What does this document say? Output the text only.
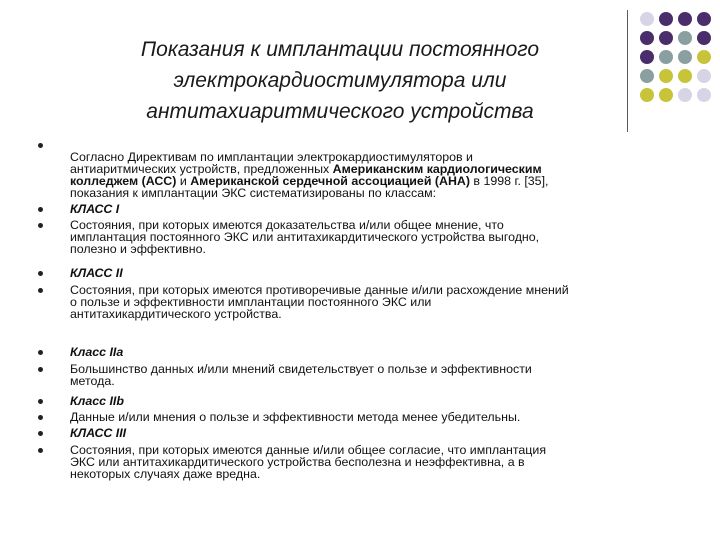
Показания к имплантации постоянного
электрокардиостимулятора или
антитахиаритмического устройства

Согласно Директивам по имплантации электрокардиостимуляторов и
антиаритмических устройств, предложенных Американским кардиологическим
колледжем (АСС) и Американской сердечной ассоциацией (АНА) в 1998 г. [35],
показания к имплантации ЭКС систематизированы по классам:

КЛАСС I
Состояния, при которых имеются доказательства и/или общее мнение, что
имплантация постоянного ЭКС или антитахикардитического устройства выгодно,
полезно и эффективно.
КЛАСС II
Состояния, при которых имеются противоречивые данные и/или расхождение мнений
о пользе и эффективности имплантации постоянного ЭКС или
антитахикардитического устройства.
Класс IIa
Большинство данных и/или мнений свидетельствует о пользе и эффективности
метода.
Класс IIb
Данные и/или мнения о пользе и эффективности метода менее убедительны.
КЛАСС III
Состояния, при которых имеются данные и/или общее согласие, что имплантация
ЭКС или антитахикардитического устройства бесполезна и неэффективна, а в
некоторых случаях даже вредна.
